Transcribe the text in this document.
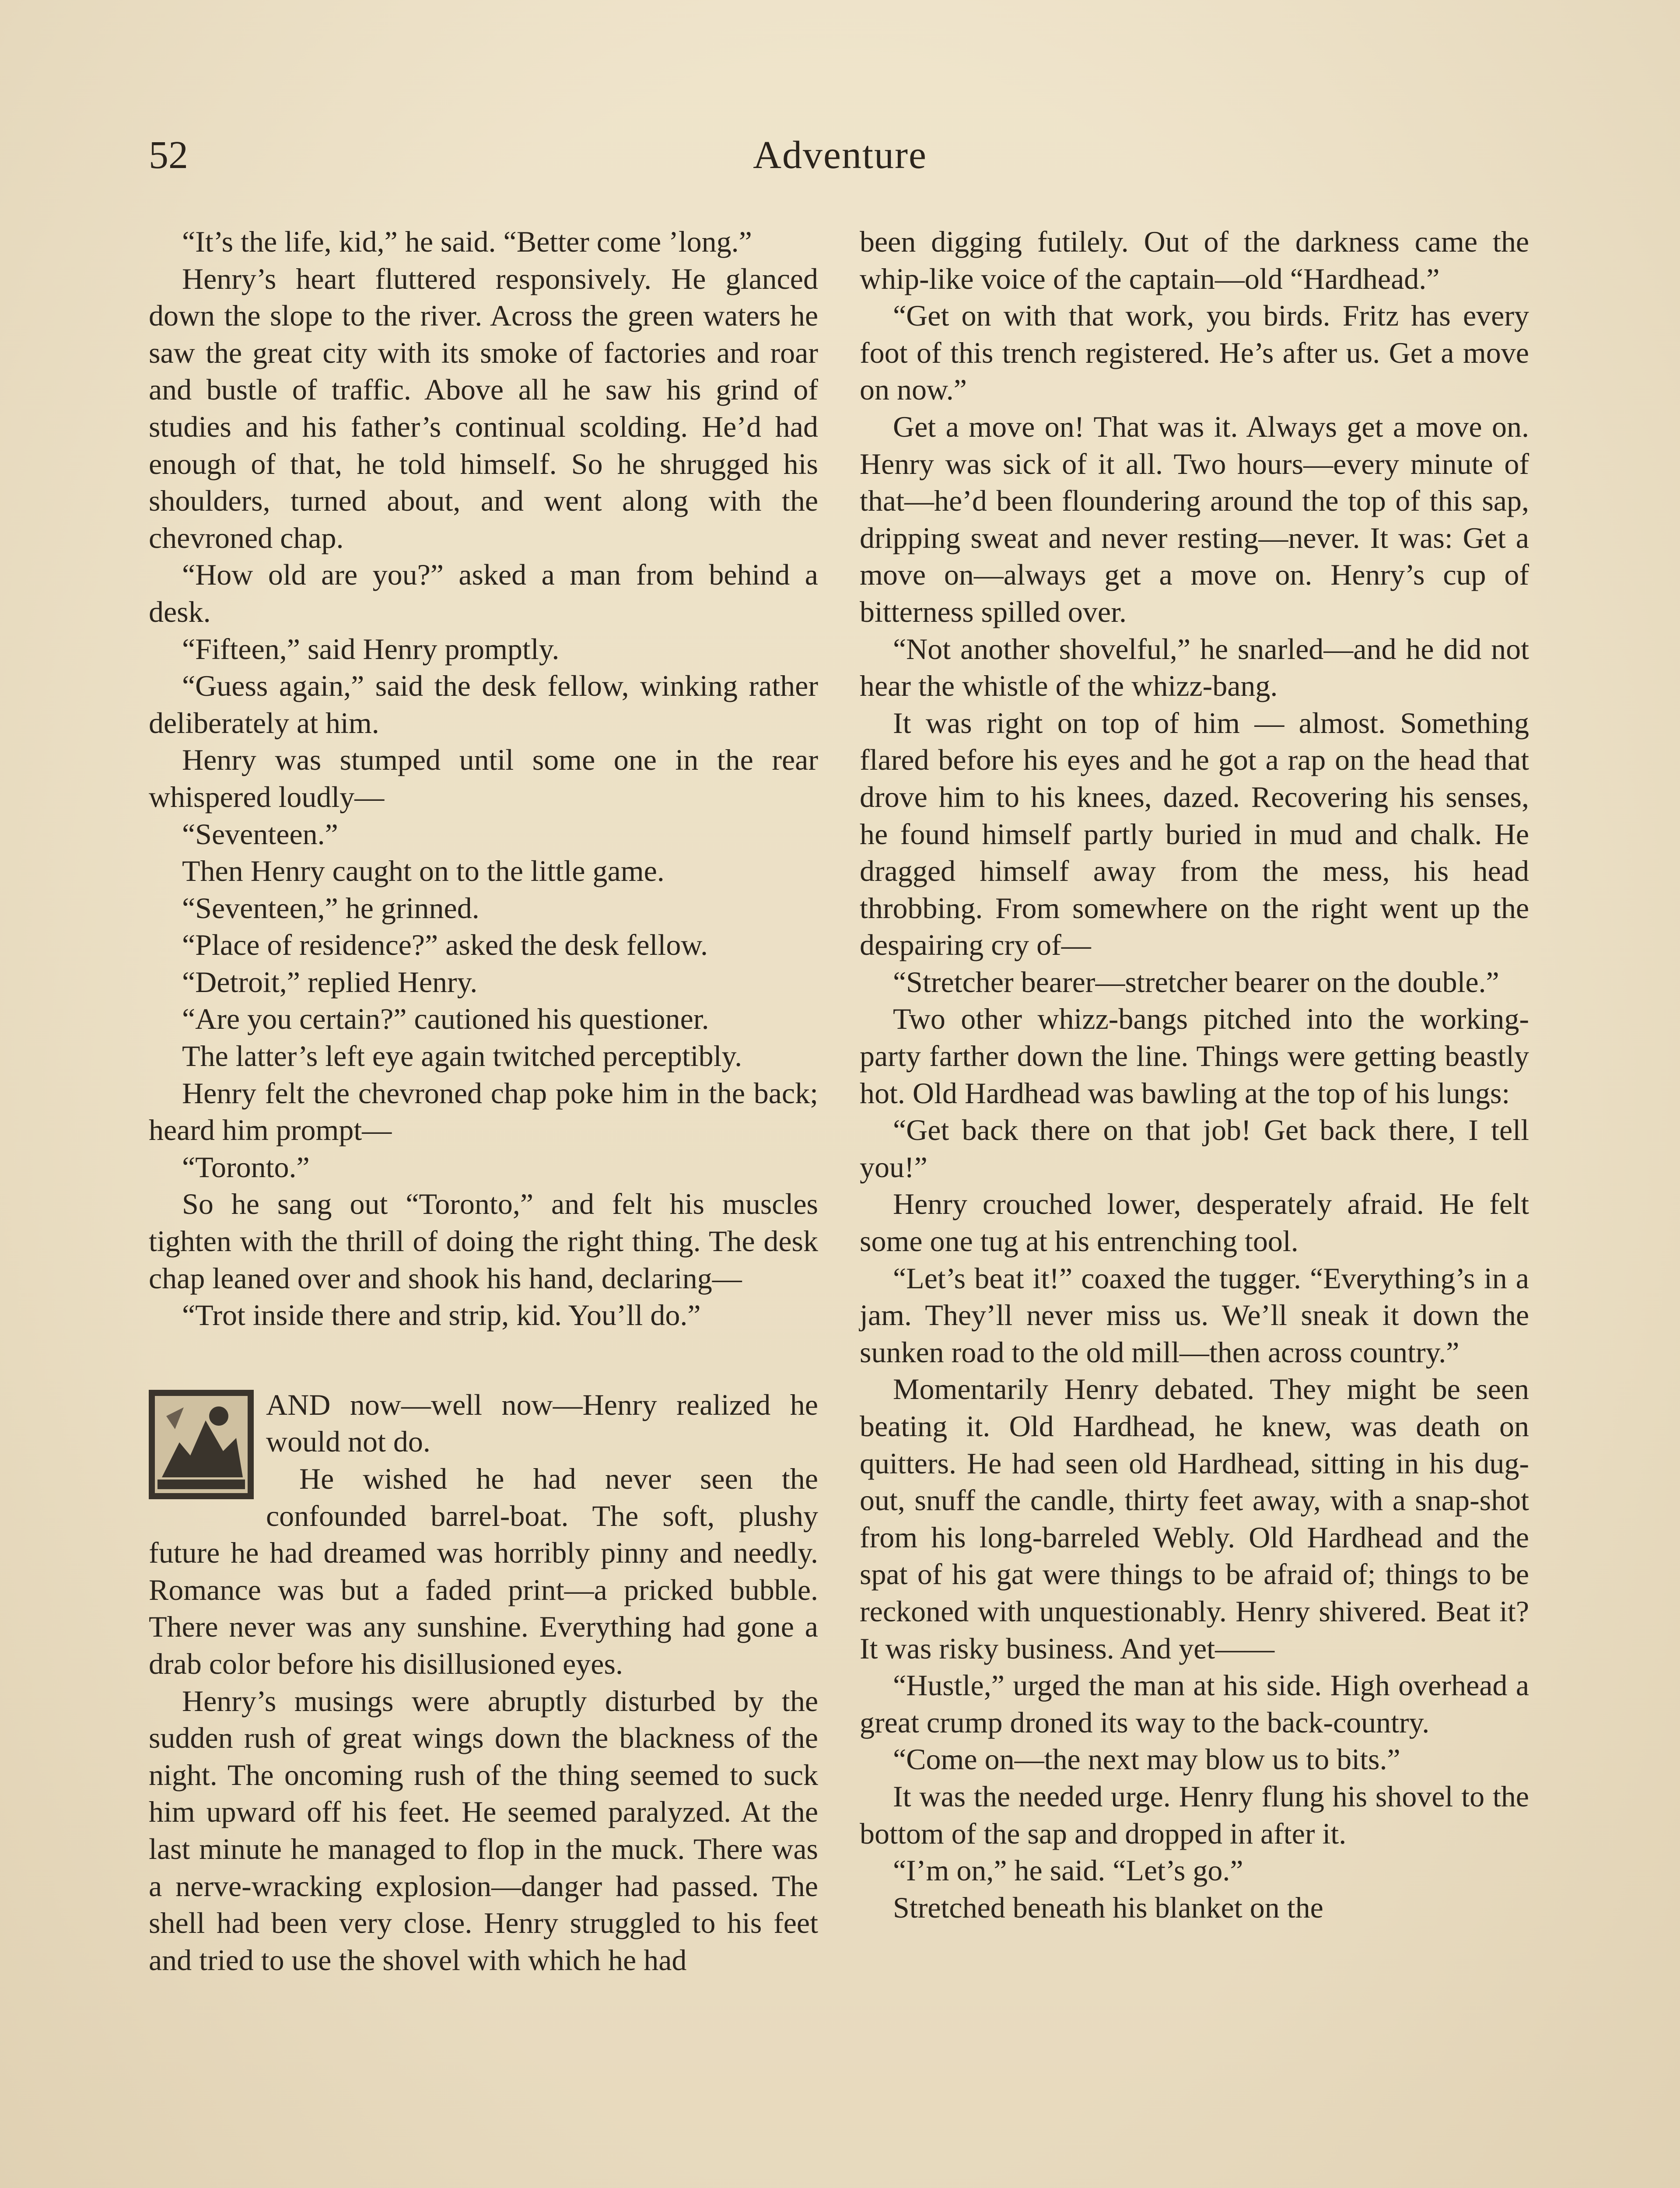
52	Adventure

“It’s the life, kid,” he said. “Better come ’long.”

Henry’s heart fluttered responsively. He glanced down the slope to the river. Across the green waters he saw the great city with its smoke of factories and roar and bustle of traffic. Above all he saw his grind of studies and his father’s continual scolding. He’d had enough of that, he told himself. So he shrugged his shoulders, turned about, and went along with the chevroned chap.

“How old are you?” asked a man from behind a desk.

“Fifteen,” said Henry promptly.

“Guess again,” said the desk fellow, winking rather deliberately at him.

Henry was stumped until some one in the rear whispered loudly—

“Seventeen.”

Then Henry caught on to the little game.

“Seventeen,” he grinned.

“Place of residence?” asked the desk fellow.

“Detroit,” replied Henry.

“Are you certain?” cautioned his questioner.

The latter’s left eye again twitched perceptibly.

Henry felt the chevroned chap poke him in the back; heard him prompt—

“Toronto.”

So he sang out “Toronto,” and felt his muscles tighten with the thrill of doing the right thing. The desk chap leaned over and shook his hand, declaring—

“Trot inside there and strip, kid. You’ll do.”

AND now—well now—Henry realized he would not do.

He wished he had never seen the confounded barrel-boat. The soft, plushy future he had dreamed was horribly pinny and needly. Romance was but a faded print—a pricked bubble. There never was any sunshine. Everything had gone a drab color before his disillusioned eyes.

Henry’s musings were abruptly disturbed by the sudden rush of great wings down the blackness of the night. The oncoming rush of the thing seemed to suck him upward off his feet. He seemed paralyzed. At the last minute he managed to flop in the muck. There was a nerve-wracking explosion—danger had passed. The shell had been very close. Henry struggled to his feet and tried to use the shovel with which he had

been digging futilely. Out of the darkness came the whip-like voice of the captain—old “Hardhead.”

“Get on with that work, you birds. Fritz has every foot of this trench registered. He’s after us. Get a move on now.”

Get a move on! That was it. Always get a move on. Henry was sick of it all. Two hours—every minute of that—he’d been floundering around the top of this sap, dripping sweat and never resting—never. It was: Get a move on—always get a move on. Henry’s cup of bitterness spilled over.

“Not another shovelful,” he snarled—and he did not hear the whistle of the whizz-bang.

It was right on top of him — almost. Something flared before his eyes and he got a rap on the head that drove him to his knees, dazed. Recovering his senses, he found himself partly buried in mud and chalk. He dragged himself away from the mess, his head throbbing. From somewhere on the right went up the despairing cry of—

“Stretcher bearer—stretcher bearer on the double.”

Two other whizz-bangs pitched into the working-party farther down the line. Things were getting beastly hot. Old Hardhead was bawling at the top of his lungs:

“Get back there on that job! Get back there, I tell you!”

Henry crouched lower, desperately afraid. He felt some one tug at his entrenching tool.

“Let’s beat it!” coaxed the tugger. “Everything’s in a jam. They’ll never miss us. We’ll sneak it down the sunken road to the old mill—then across country.”

Momentarily Henry debated. They might be seen beating it. Old Hardhead, he knew, was death on quitters. He had seen old Hardhead, sitting in his dug-out, snuff the candle, thirty feet away, with a snap-shot from his long-barreled Webly. Old Hardhead and the spat of his gat were things to be afraid of; things to be reckoned with unquestionably. Henry shivered. Beat it? It was risky business. And yet——

“Hustle,” urged the man at his side. High overhead a great crump droned its way to the back-country.

“Come on—the next may blow us to bits.”

It was the needed urge. Henry flung his shovel to the bottom of the sap and dropped in after it.

“I’m on,” he said. “Let’s go.”

Stretched beneath his blanket on the
